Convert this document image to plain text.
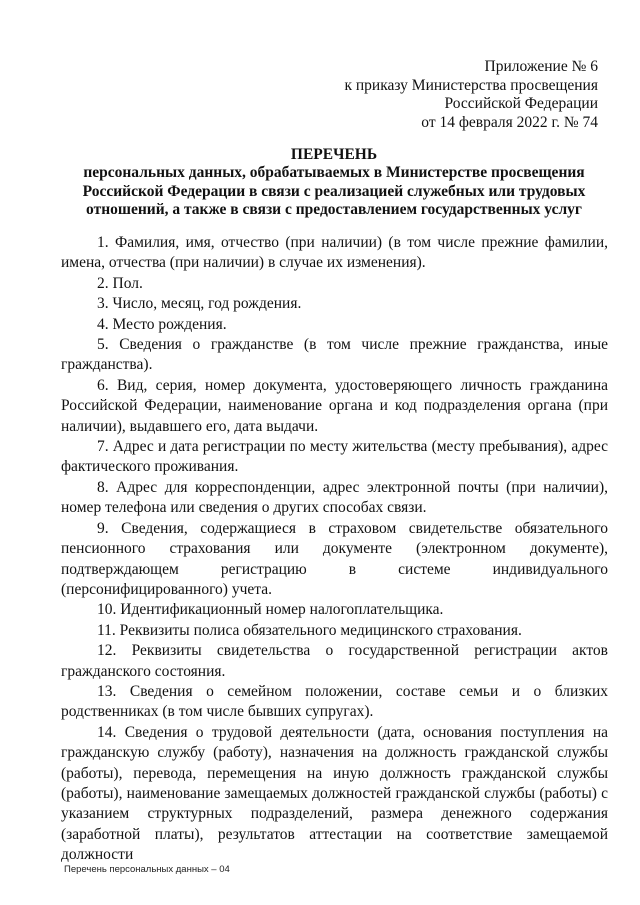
Приложение № 6
к приказу Министерства просвещения
Российской Федерации
от 14 февраля 2022 г. № 74
ПЕРЕЧЕНЬ
персональных данных, обрабатываемых в Министерстве просвещения Российской Федерации в связи с реализацией служебных или трудовых отношений, а также в связи с предоставлением государственных услуг

1. Фамилия, имя, отчество (при наличии) (в том числе прежние фамилии, имена, отчества (при наличии) в случае их изменения).

2. Пол.

3. Число, месяц, год рождения.

4. Место рождения.

5. Сведения о гражданстве (в том числе прежние гражданства, иные гражданства).

6. Вид, серия, номер документа, удостоверяющего личность гражданина Российской Федерации, наименование органа и код подразделения органа (при наличии), выдавшего его, дата выдачи.

7. Адрес и дата регистрации по месту жительства (месту пребывания), адрес фактического проживания.

8. Адрес для корреспонденции, адрес электронной почты (при наличии), номер телефона или сведения о других способах связи.

9. Сведения, содержащиеся в страховом свидетельстве обязательного пенсионного страхования или документе (электронном документе), подтверждающем регистрацию в системе индивидуального (персонифицированного) учета.

10. Идентификационный номер налогоплательщика.

11. Реквизиты полиса обязательного медицинского страхования.

12. Реквизиты свидетельства о государственной регистрации актов гражданского состояния.

13. Сведения о семейном положении, составе семьи и о близких родственниках (в том числе бывших супругах).

14. Сведения о трудовой деятельности (дата, основания поступления на гражданскую службу (работу), назначения на должность гражданской службы (работы), перевода, перемещения на иную должность гражданской службы (работы), наименование замещаемых должностей гражданской службы (работы) с указанием структурных подразделений, размера денежного содержания (заработной платы), результатов аттестации на соответствие замещаемой должности

Перечень персональных данных – 04
